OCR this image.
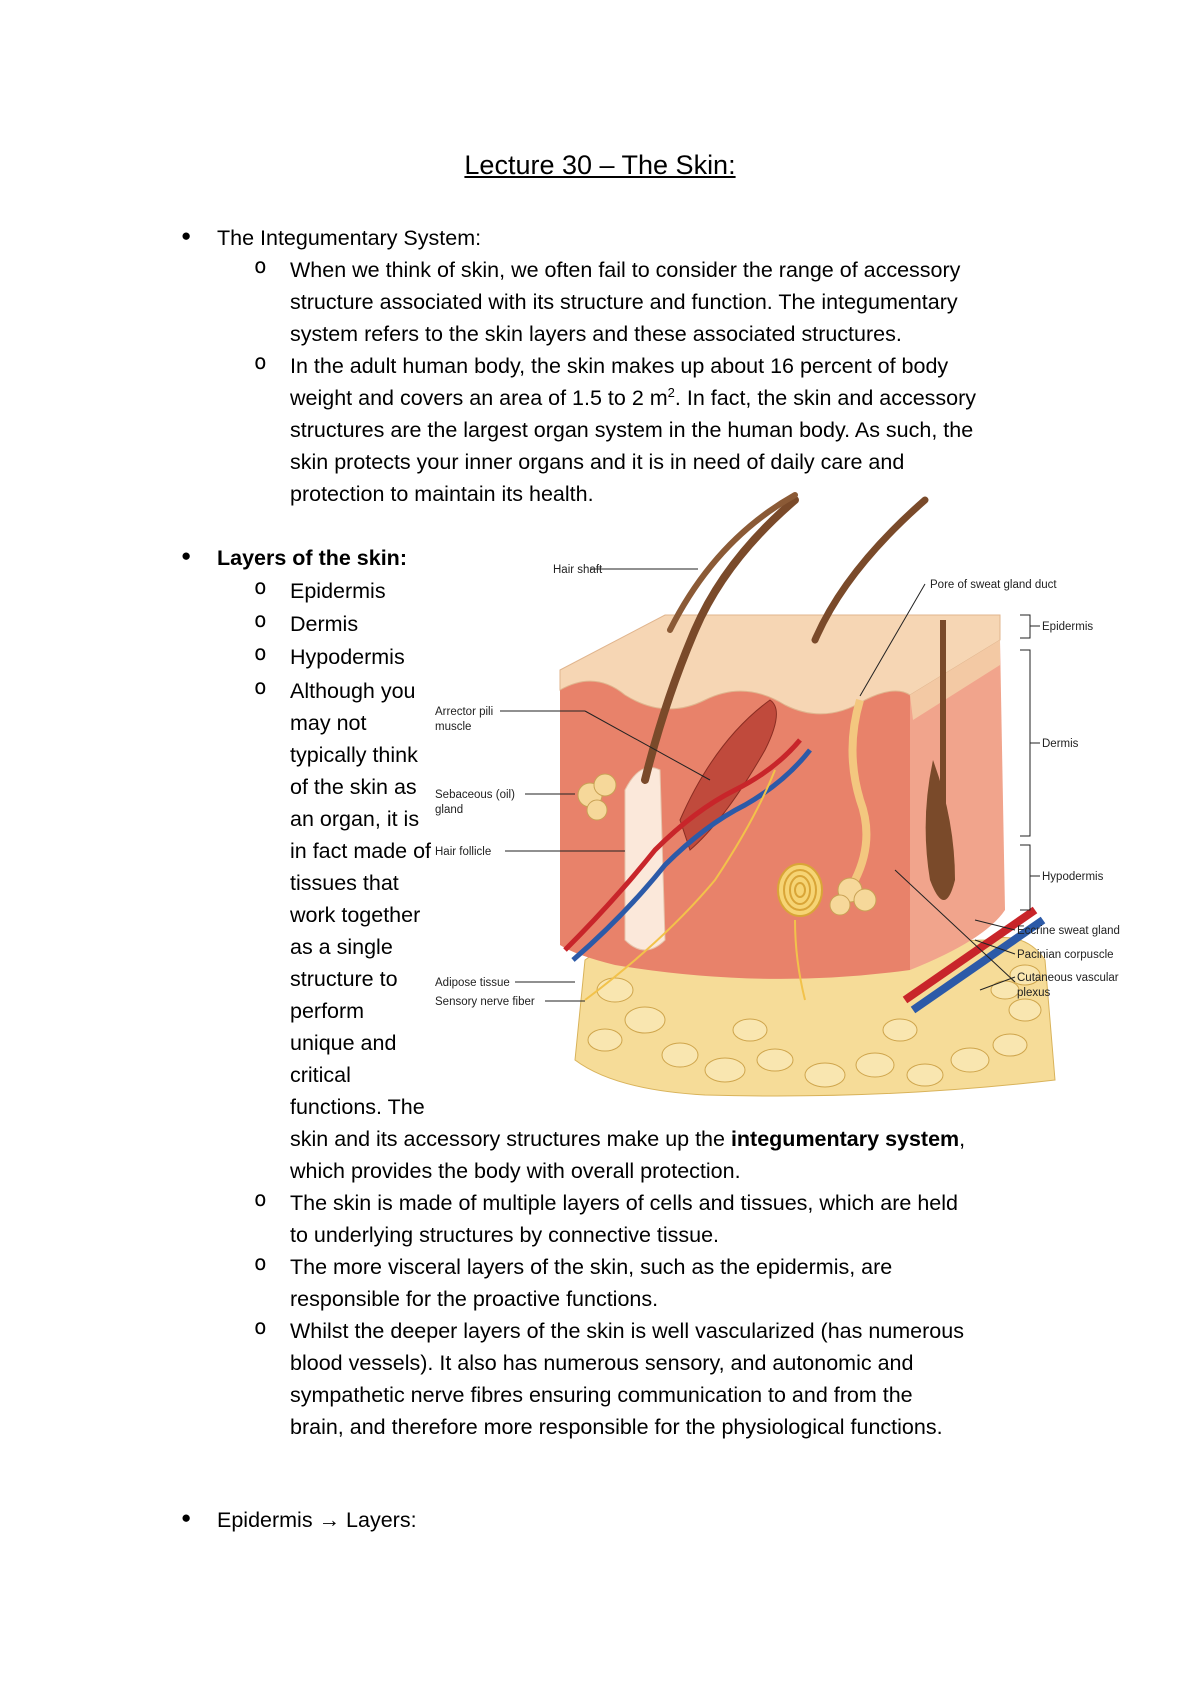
Lecture 30 – The Skin:
● The Integumentary System:
o When we think of skin, we often fail to consider the range of accessory
structure associated with its structure and function. The integumentary
system refers to the skin layers and these associated structures.
o In the adult human body, the skin makes up about 16 percent of body
weight and covers an area of 1.5 to 2 $m^2$. In fact, the skin and accessory
structures are the largest organ system in the human body. As such, the
skin protects your inner organs and it is in need of daily care and
protection to maintain its health.
● Layers of the skin:
o Epidermis
o Dermis
o Hypodermis
o Although you
may not
typically think
of the skin as
an organ, it is
in fact made of
tissues that
work together
as a single
structure to
perform
unique and
critical
functions. The
skin and its accessory structures make up the integumentary system,
which provides the body with overall protection.
o The skin is made of multiple layers of cells and tissues, which are held
to underlying structures by connective tissue.
o The more visceral layers of the skin, such as the epidermis, are
responsible for the proactive functions.
o Whilst the deeper layers of the skin is well vascularized (has numerous
blood vessels). It also has numerous sensory, and autonomic and
sympathetic nerve fibres ensuring communication to and from the
brain, and therefore more responsible for the physiological functions.
● Epidermis → Layers:
Hair shaft
Arrector pili
muscle
Sebaceous (oil)
gland
Hair follicle
Adipose tissue
Sensory nerve fiber
Pore of sweat gland duct
Epidermis
Dermis
Hypodermis
Eccrine sweat gland
Pacinian corpuscle
Cutaneous vascular
plexus
